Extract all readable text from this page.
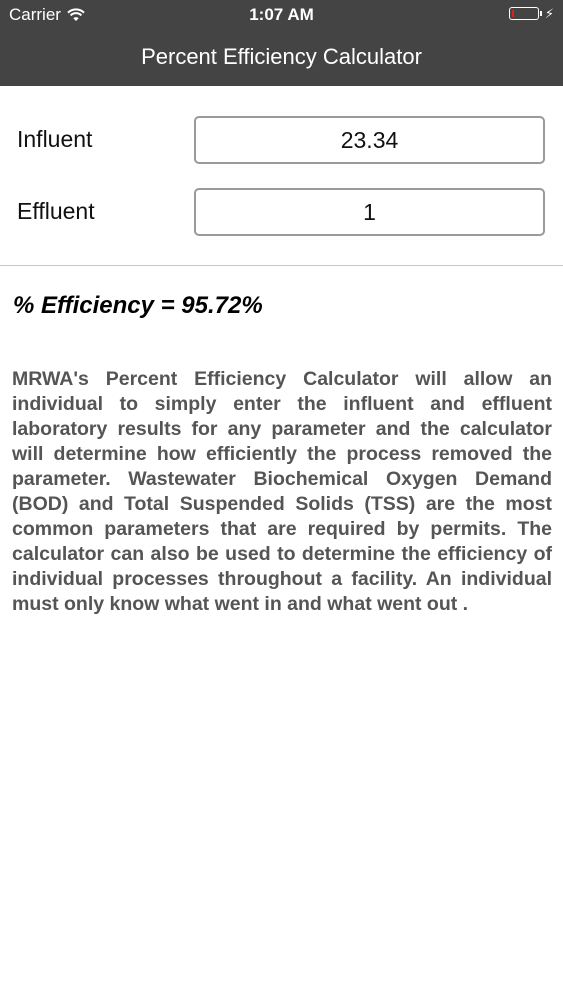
Carrier	1:07 AM	⚡︎
Percent Efficiency Calculator
Influent
23.34
Effluent
1
% Efficiency = 95.72%

MRWA's Percent Efficiency Calculator will allow an individual to simply enter the influent and effluent laboratory results for any parameter and the calculator will determine how efficiently the process removed the parameter. Wastewater Biochemical Oxygen Demand (BOD) and Total Suspended Solids (TSS) are the most common parameters that are required by permits. The calculator can also be used to determine the efficiency of individual processes throughout a facility. An individual must only know what went in and what went out .
